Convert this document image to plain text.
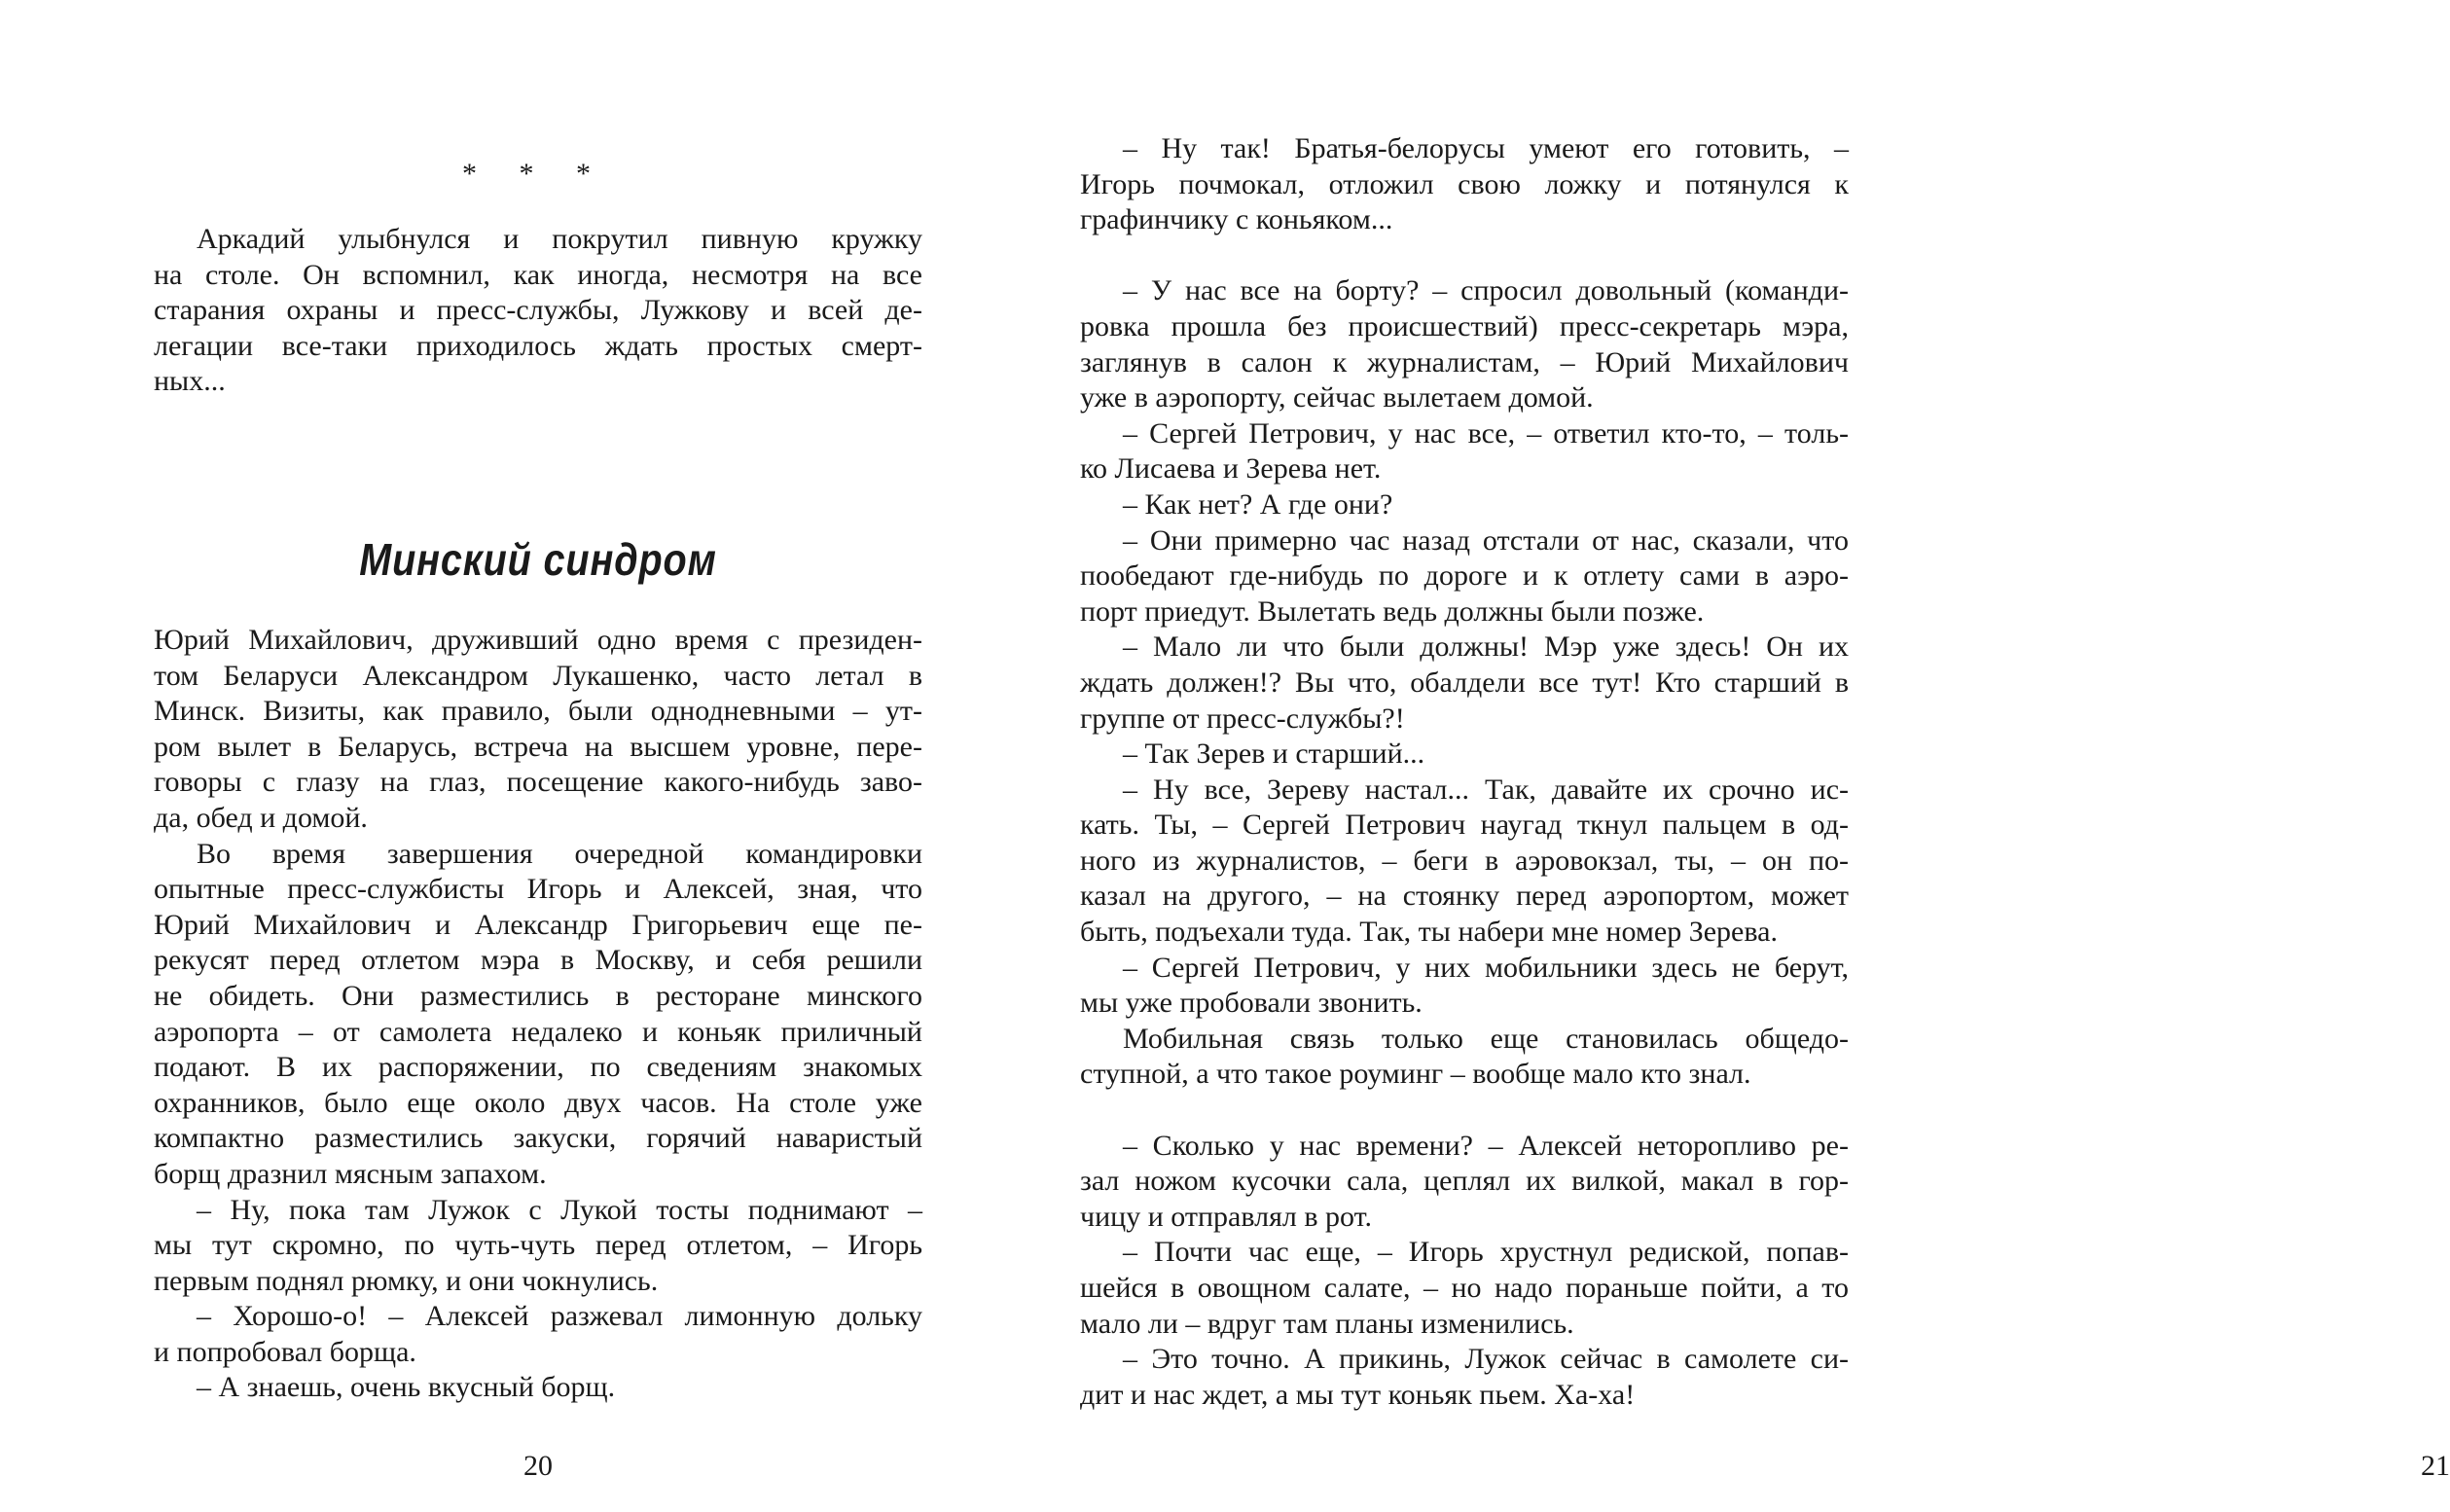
* * *
Аркадий улыбнулся и покрутил пивную кружку
на столе. Он вспомнил, как иногда, несмотря на все
старания охраны и пресс-службы, Лужкову и всей де-
легации все-таки приходилось ждать простых смерт-
ных...
Минский синдром
Юрий Михайлович, друживший одно время с президен-
том Беларуси Александром Лукашенко, часто летал в
Минск. Визиты, как правило, были однодневными – ут-
ром вылет в Беларусь, встреча на высшем уровне, пере-
говоры с глазу на глаз, посещение какого-нибудь заво-
да, обед и домой.
Во время завершения очередной командировки
опытные пресс-службисты Игорь и Алексей, зная, что
Юрий Михайлович и Александр Григорьевич еще пе-
рекусят перед отлетом мэра в Москву, и себя решили
не обидеть. Они разместились в ресторане минского
аэропорта – от самолета недалеко и коньяк приличный
подают. В их распоряжении, по сведениям знакомых
охранников, было еще около двух часов. На столе уже
компактно разместились закуски, горячий наваристый
борщ дразнил мясным запахом.
– Ну, пока там Лужок с Лукой тосты поднимают –
мы тут скромно, по чуть-чуть перед отлетом, – Игорь
первым поднял рюмку, и они чокнулись.
– Хорошо-о! – Алексей разжевал лимонную дольку
и попробовал борща.
– А знаешь, очень вкусный борщ.
20
– Ну так! Братья-белорусы умеют его готовить, –
Игорь почмокал, отложил свою ложку и потянулся к
графинчику с коньяком...
– У нас все на борту? – спросил довольный (команди-
ровка прошла без происшествий) пресс-секретарь мэра,
заглянув в салон к журналистам, – Юрий Михайлович
уже в аэропорту, сейчас вылетаем домой.
– Сергей Петрович, у нас все, – ответил кто-то, – толь-
ко Лисаева и Зерева нет.
– Как нет? А где они?
– Они примерно час назад отстали от нас, сказали, что
пообедают где-нибудь по дороге и к отлету сами в аэро-
порт приедут. Вылетать ведь должны были позже.
– Мало ли что были должны! Мэр уже здесь! Он их
ждать должен!? Вы что, обалдели все тут! Кто старший в
группе от пресс-службы?!
– Так Зерев и старший...
– Ну все, Зереву настал... Так, давайте их срочно ис-
кать. Ты, – Сергей Петрович наугад ткнул пальцем в од-
ного из журналистов, – беги в аэровокзал, ты, – он по-
казал на другого, – на стоянку перед аэропортом, может
быть, подъехали туда. Так, ты набери мне номер Зерева.
– Сергей Петрович, у них мобильники здесь не берут,
мы уже пробовали звонить.
Мобильная связь только еще становилась общедо-
ступной, а что такое роуминг – вообще мало кто знал.
– Сколько у нас времени? – Алексей неторопливо ре-
зал ножом кусочки сала, цеплял их вилкой, макал в гор-
чицу и отправлял в рот.
– Почти час еще, – Игорь хрустнул редиской, попав-
шейся в овощном салате, – но надо пораньше пойти, а то
мало ли – вдруг там планы изменились.
– Это точно. А прикинь, Лужок сейчас в самолете си-
дит и нас ждет, а мы тут коньяк пьем. Ха-ха!
21
